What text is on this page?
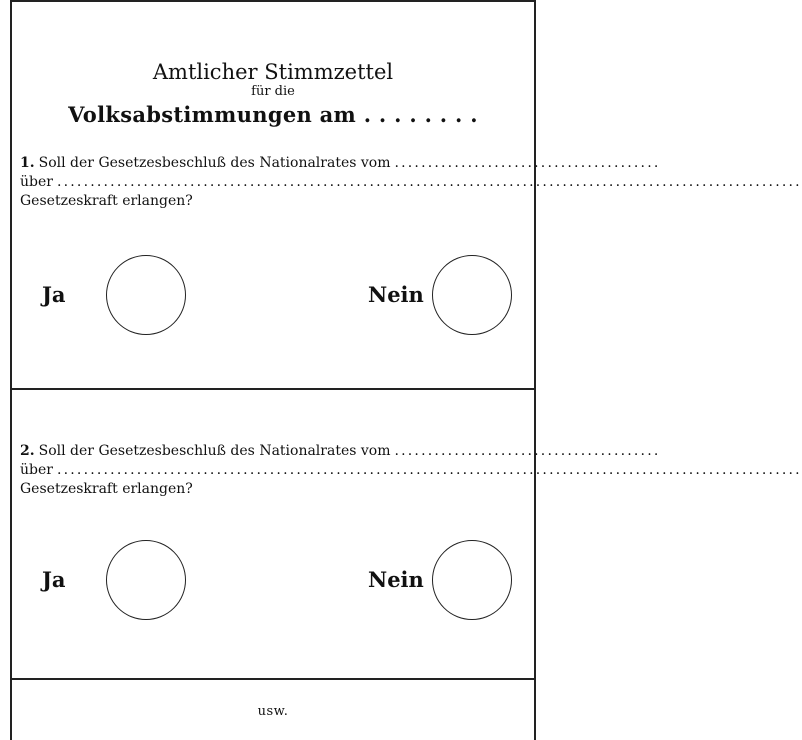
Amtlicher Stimmzettel
für die
Volksabstimmungen am . . . . . . . .
1. Soll der Gesetzesbeschluß des Nationalrates vom ........................................
über ................................................................................................................
Gesetzeskraft erlangen?
Ja	Nein
2. Soll der Gesetzesbeschluß des Nationalrates vom ........................................
über ................................................................................................................
Gesetzeskraft erlangen?
Ja	Nein
usw.
